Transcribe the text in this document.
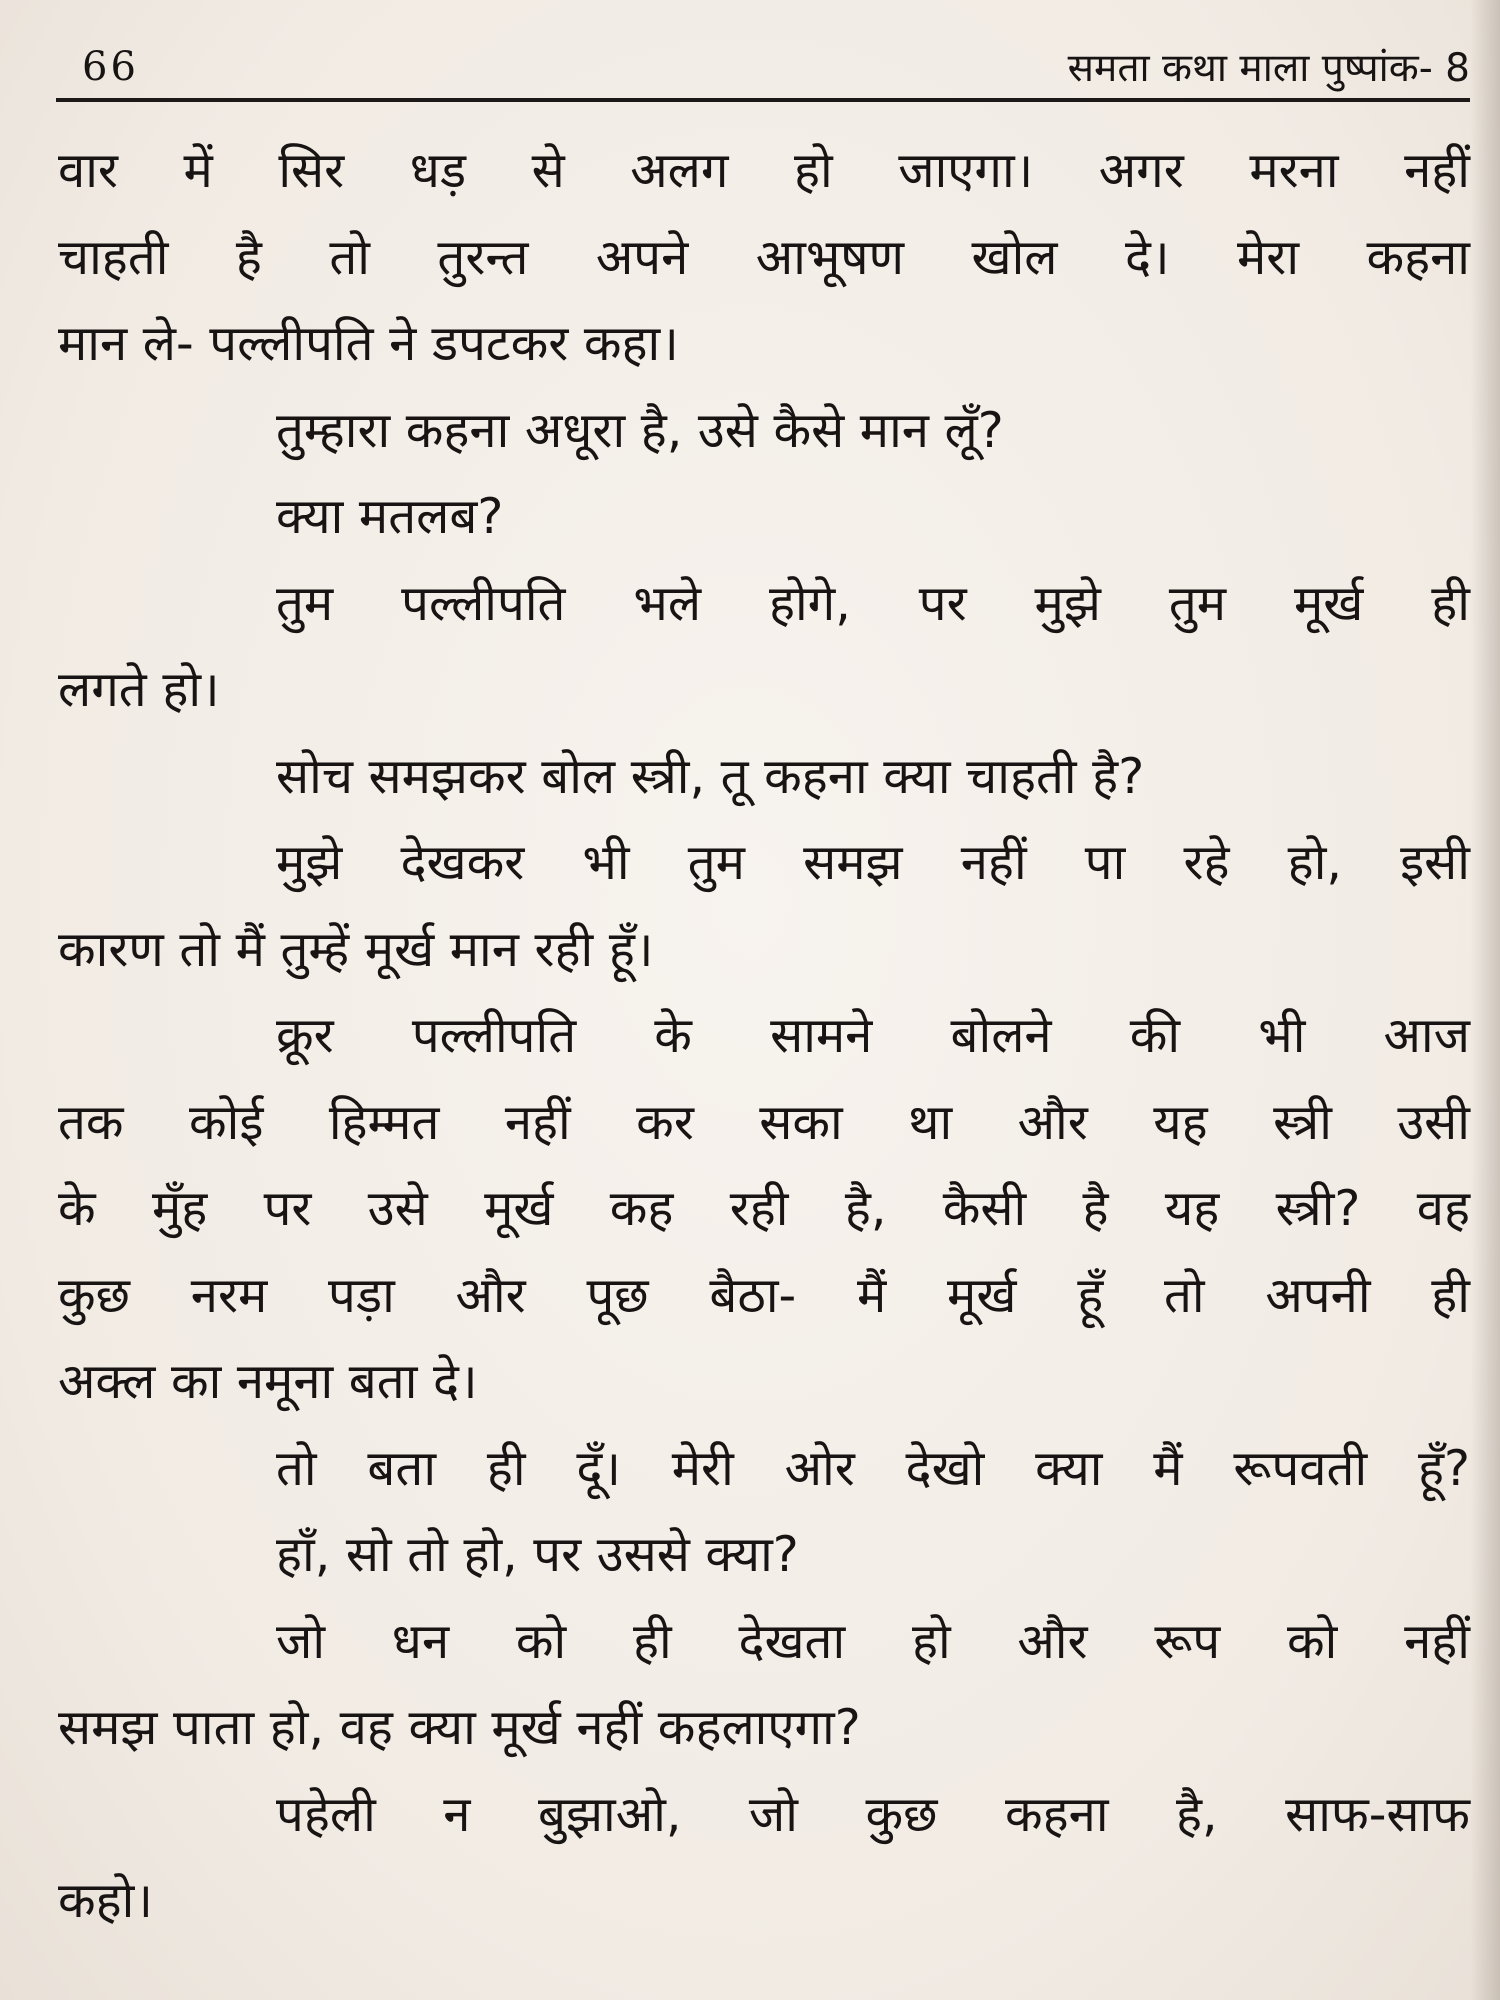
66	समता कथा माला पुष्पांक- 8
वार में सिर धड़ से अलग हो जाएगा। अगर मरना नहीं
चाहती है तो तुरन्त अपने आभूषण खोल दे। मेरा कहना
मान ले- पल्लीपति ने डपटकर कहा।
तुम्हारा कहना अधूरा है, उसे कैसे मान लूँ?
क्या मतलब?
तुम पल्लीपति भले होगे, पर मुझे तुम मूर्ख ही
लगते हो।
सोच समझकर बोल स्त्री, तू कहना क्या चाहती है?
मुझे देखकर भी तुम समझ नहीं पा रहे हो, इसी
कारण तो मैं तुम्हें मूर्ख मान रही हूँ।
क्रूर पल्लीपति के सामने बोलने की भी आज
तक कोई हिम्मत नहीं कर सका था और यह स्त्री उसी
के मुँह पर उसे मूर्ख कह रही है, कैसी है यह स्त्री? वह
कुछ नरम पड़ा और पूछ बैठा- मैं मूर्ख हूँ तो अपनी ही
अक्ल का नमूना बता दे।
तो बता ही दूँ। मेरी ओर देखो क्या मैं रूपवती हूँ?
हाँ, सो तो हो, पर उससे क्या?
जो धन को ही देखता हो और रूप को नहीं
समझ पाता हो, वह क्या मूर्ख नहीं कहलाएगा?
पहेली न बुझाओ, जो कुछ कहना है, साफ-साफ
कहो।
